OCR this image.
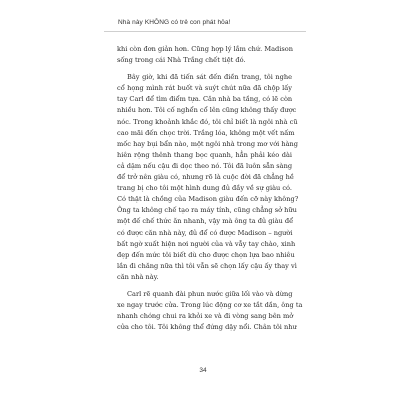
Nhà này KHÔNG có trẻ con phát hỏa!
khi còn đơn giản hơn. Cũng hợp lý lắm chứ. Madison
sống trong cái Nhà Trắng chết tiệt đó.
Bây giờ, khi đã tiến sát đến điền trang, tôi nghe
cổ họng mình rát buốt và suýt chút nữa đã chộp lấy
tay Carl để tìm điểm tựa. Căn nhà ba tầng, có lẽ còn
nhiều hơn. Tôi cố nghển cổ lên cũng không thấy được
nóc. Trong khoảnh khắc đó, tôi chỉ biết là ngôi nhà cũ
cao mãi đến chọc trời. Trắng lóa, không một vết nấm
mốc hay bụi bẩn nào, một ngôi nhà trong mơ với hàng
hiên rộng thênh thang bọc quanh, hẳn phải kéo dài
cả dặm nếu cậu đi dọc theo nó. Tôi đã luôn sẵn sàng
để trở nên giàu có, nhưng rõ là cuộc đời đã chẳng hề
trang bị cho tôi một hình dung đủ đầy về sự giàu có.
Có thật là chồng của Madison giàu đến cỡ này không?
Ông ta không chế tạo ra máy tính, cũng chẳng sở hữu
một đế chế thức ăn nhanh, vậy mà ông ta đủ giàu để
có được căn nhà này, đủ để có được Madison – người
bất ngờ xuất hiện nơi người của và vẫy tay chào, xinh
đẹp đến mức tôi biết dù cho được chọn lựa bao nhiêu
lần đi chăng nữa thì tôi vẫn sẽ chọn lấy cậu ấy thay vì
căn nhà này.
Carl rẽ quanh đài phun nước giữa lối vào và dừng
xe ngay trước cửa. Trong lúc động cơ xe tắt dần, ông ta
nhanh chóng chui ra khỏi xe và đi vòng sang bên mở
cửa cho tôi. Tôi không thể đứng dậy nổi. Chân tôi như
34
